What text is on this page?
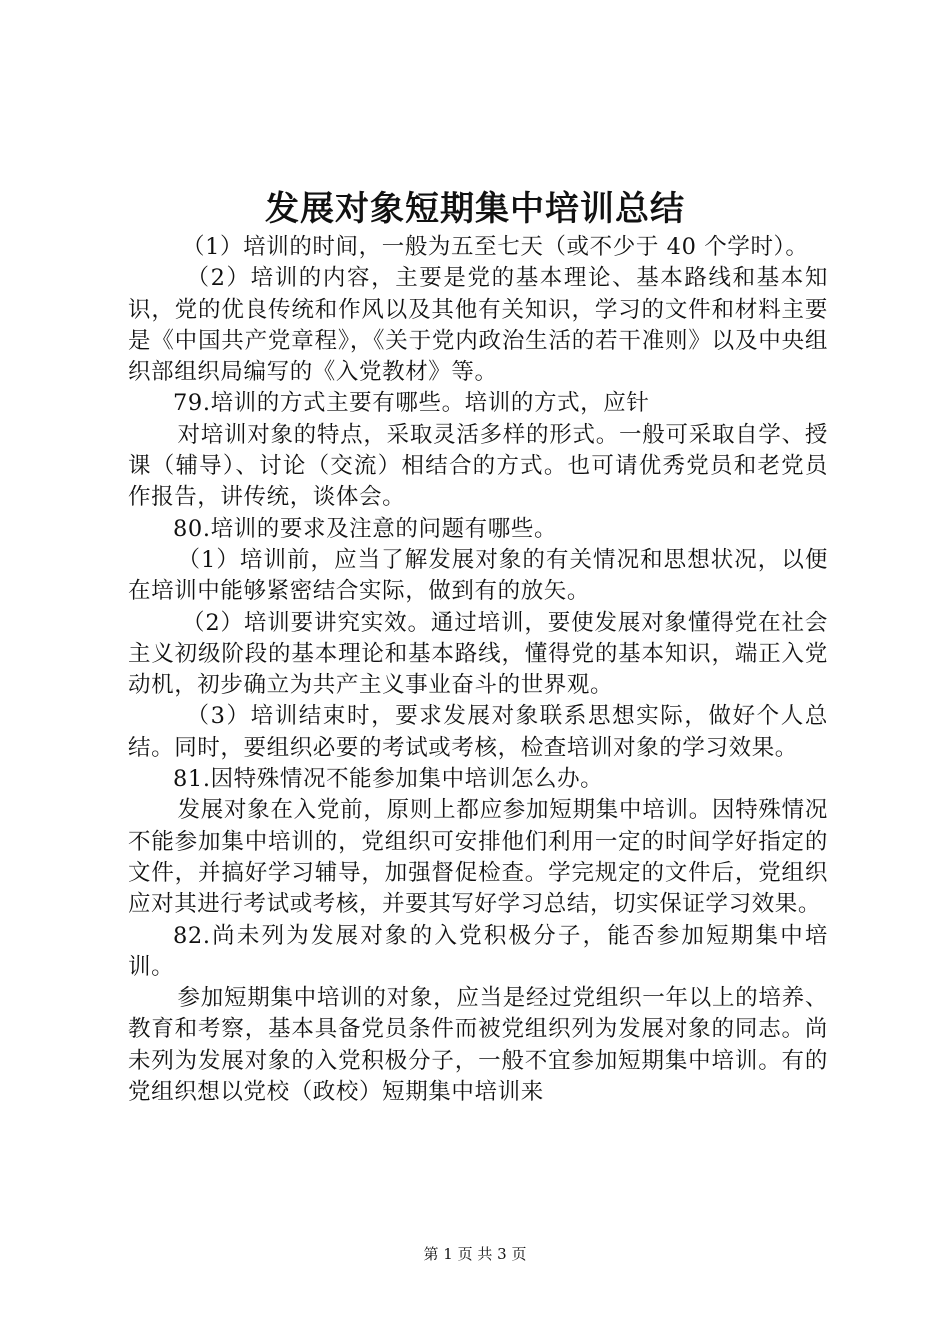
发展对象短期集中培训总结

（1）培训的时间，一般为五至七天（或不少于 40 个学时）。

（2）培训的内容，主要是党的基本理论、基本路线和基本知识，党的优良传统和作风以及其他有关知识，学习的文件和材料主要是《中国共产党章程》，《关于党内政治生活的若干准则》以及中央组织部组织局编写的《入党教材》等。

79.培训的方式主要有哪些。培训的方式，应针

对培训对象的特点，采取灵活多样的形式。一般可采取自学、授课（辅导）、讨论（交流）相结合的方式。也可请优秀党员和老党员作报告，讲传统，谈体会。

80.培训的要求及注意的问题有哪些。

（1）培训前，应当了解发展对象的有关情况和思想状况，以便在培训中能够紧密结合实际，做到有的放矢。

（2）培训要讲究实效。通过培训，要使发展对象懂得党在社会主义初级阶段的基本理论和基本路线，懂得党的基本知识，端正入党动机，初步确立为共产主义事业奋斗的世界观。

（3）培训结束时，要求发展对象联系思想实际，做好个人总结。同时，要组织必要的考试或考核，检查培训对象的学习效果。

81.因特殊情况不能参加集中培训怎么办。

发展对象在入党前，原则上都应参加短期集中培训。因特殊情况不能参加集中培训的，党组织可安排他们利用一定的时间学好指定的文件，并搞好学习辅导，加强督促检查。学完规定的文件后，党组织应对其进行考试或考核，并要其写好学习总结，切实保证学习效果。

82.尚未列为发展对象的入党积极分子，能否参加短期集中培训。

参加短期集中培训的对象，应当是经过党组织一年以上的培养、教育和考察，基本具备党员条件而被党组织列为发展对象的同志。尚未列为发展对象的入党积极分子，一般不宜参加短期集中培训。有的党组织想以党校（政校）短期集中培训来

第 1 页 共 3 页
